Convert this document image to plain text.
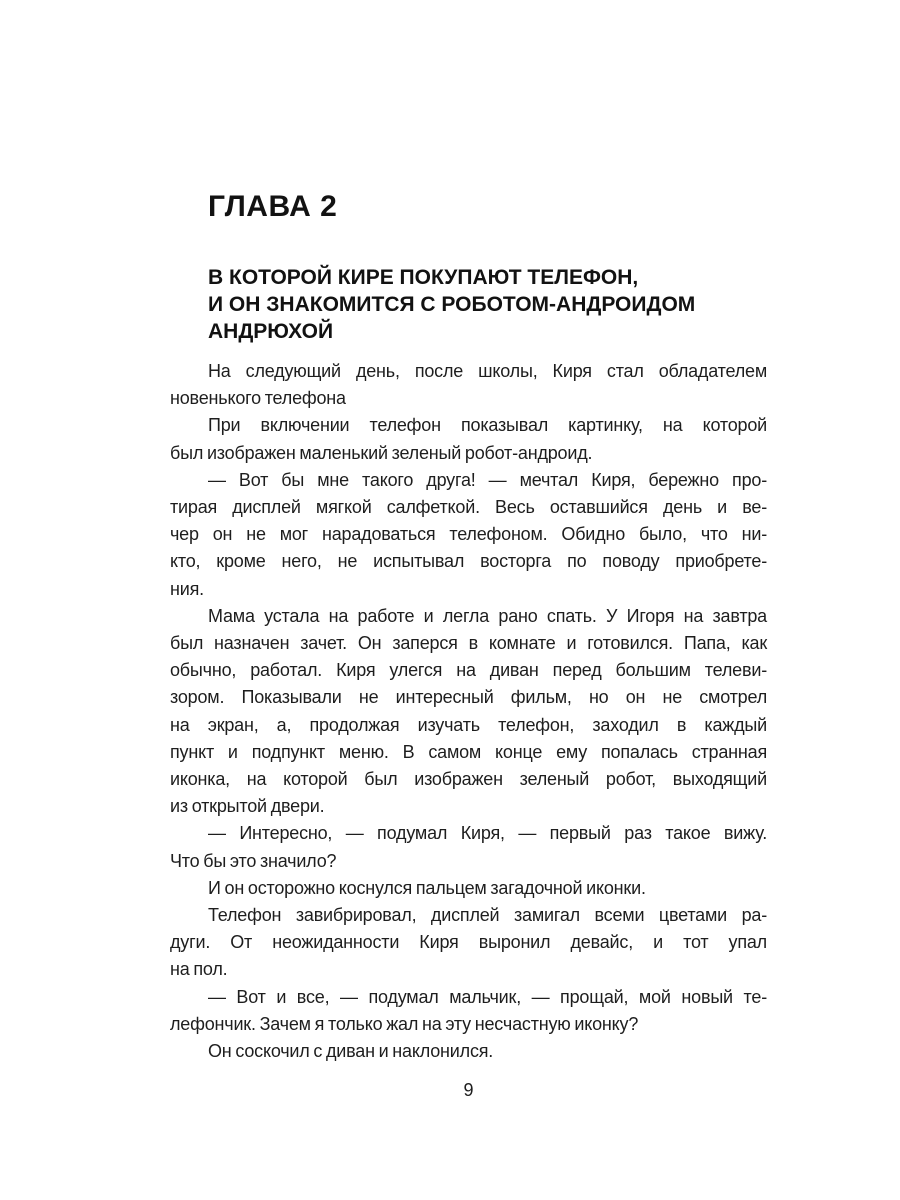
ГЛАВА 2
В КОТОРОЙ КИРЕ ПОКУПАЮТ ТЕЛЕФОН,
И ОН ЗНАКОМИТСЯ С РОБОТОМ-АНДРОИДОМ
АНДРЮХОЙ
На следующий день, после школы, Киря стал обладателем
новенького телефона
При включении телефон показывал картинку, на которой
был изображен маленький зеленый робот-андроид.
— Вот бы мне такого друга! — мечтал Киря, бережно про-
тирая дисплей мягкой салфеткой. Весь оставшийся день и ве-
чер он не мог нарадоваться телефоном. Обидно было, что ни-
кто, кроме него, не испытывал восторга по поводу приобрете-
ния.
Мама устала на работе и легла рано спать. У Игоря на завтра
был назначен зачет. Он заперся в комнате и готовился. Папа, как
обычно, работал. Киря улегся на диван перед большим телеви-
зором. Показывали не интересный фильм, но он не смотрел
на экран, а, продолжая изучать телефон, заходил в каждый
пункт и подпункт меню. В самом конце ему попалась странная
иконка, на которой был изображен зеленый робот, выходящий
из открытой двери.
— Интересно, — подумал Киря, — первый раз такое вижу.
Что бы это значило?
И он осторожно коснулся пальцем загадочной иконки.
Телефон завибрировал, дисплей замигал всеми цветами ра-
дуги. От неожиданности Киря выронил девайс, и тот упал
на пол.
— Вот и все, — подумал мальчик, — прощай, мой новый те-
лефончик. Зачем я только жал на эту несчастную иконку?
Он соскочил с диван и наклонился.
9
